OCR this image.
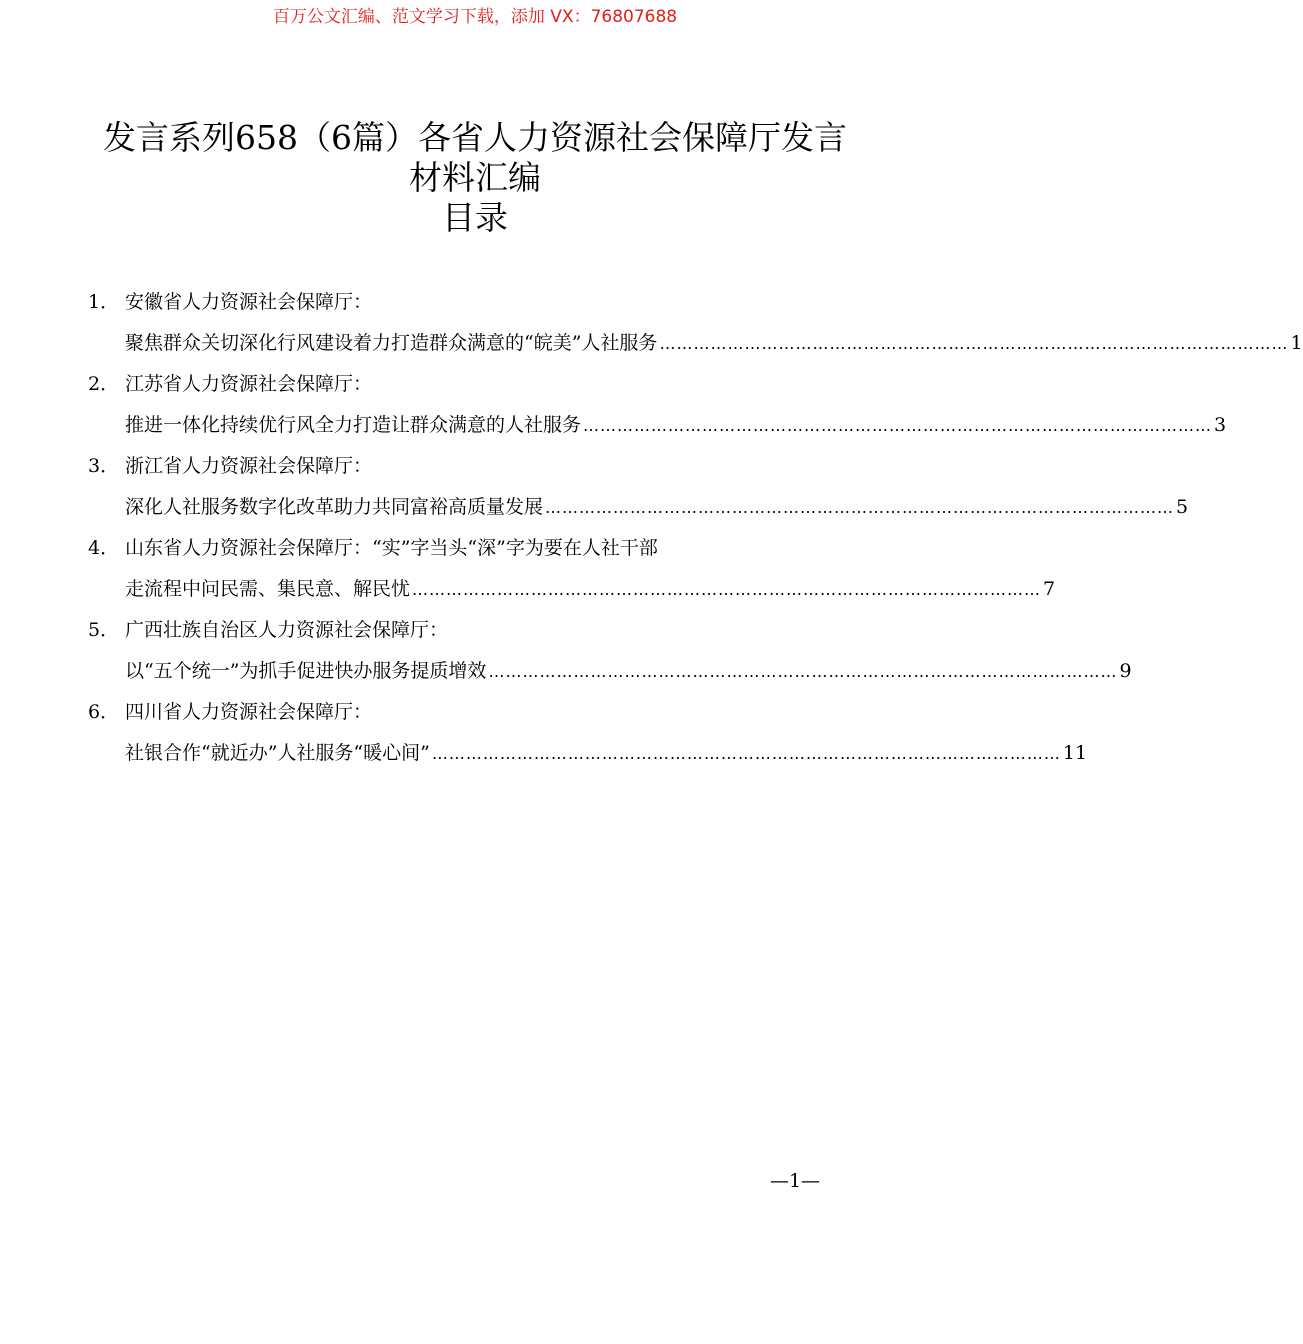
百万公文汇编、范文学习下载，添加 VX：76807688
发言系列658（6篇）各省人力资源社会保障厅发言
材料汇编
目录
1． 安徽省人力资源社会保障厅：
聚焦群众关切深化行风建设着力打造群众满意的“皖美”人社服务 ………………………………………………………………………………………………… 1
2． 江苏省人力资源社会保障厅：
推进一体化持续优行风全力打造让群众满意的人社服务 ………………………………………………………………………………………………… 3
3． 浙江省人力资源社会保障厅：
深化人社服务数字化改革助力共同富裕高质量发展 ………………………………………………………………………………………………… 5
4． 山东省人力资源社会保障厅：“实”字当头“深”字为要在人社干部
走流程中问民需、集民意、解民忧 ………………………………………………………………………………………………… 7
5． 广西壮族自治区人力资源社会保障厅：
以“五个统一”为抓手促进快办服务提质增效 ………………………………………………………………………………………………… 9
6． 四川省人力资源社会保障厅：
社银合作“就近办”人社服务“暖心间” ………………………………………………………………………………………………… 11
—1—
